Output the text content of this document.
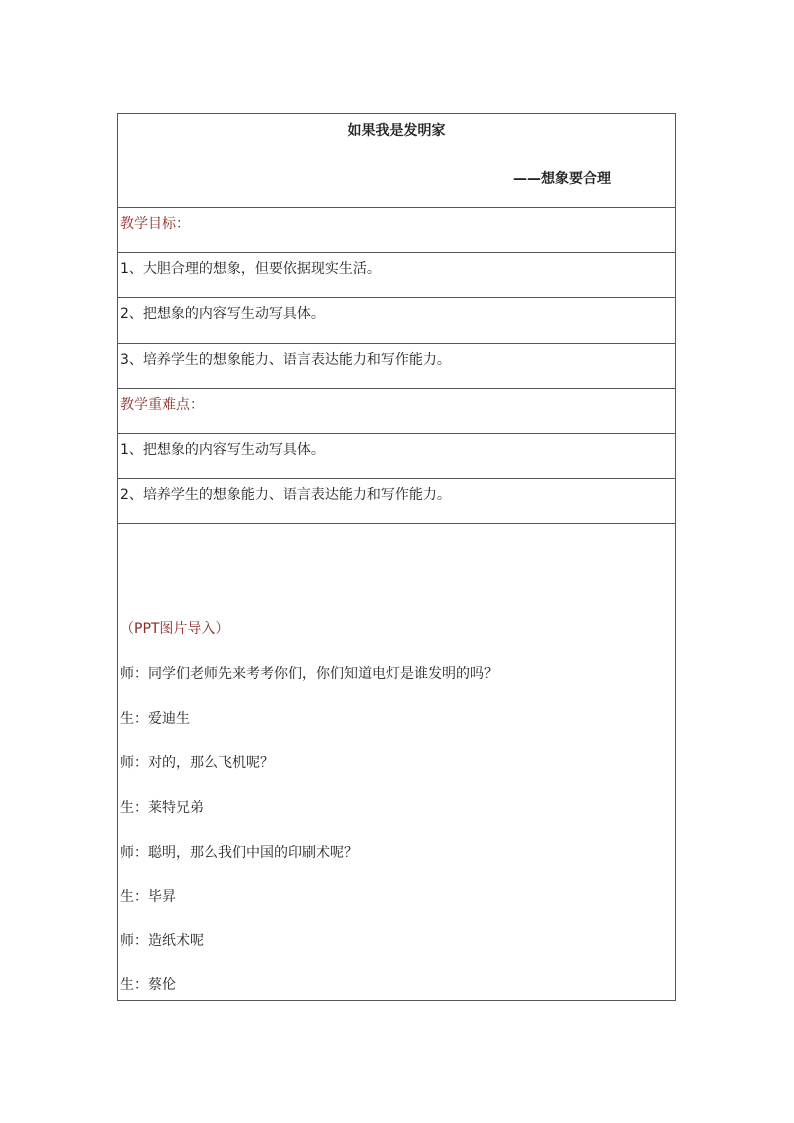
如果我是发明家
——想象要合理
教学目标：
1、大胆合理的想象，但要依据现实生活。
2、把想象的内容写生动写具体。
3、培养学生的想象能力、语言表达能力和写作能力。
教学重难点：
1、把想象的内容写生动写具体。
2、培养学生的想象能力、语言表达能力和写作能力。
（PPT图片导入）
师：同学们老师先来考考你们，你们知道电灯是谁发明的吗？
生：爱迪生
师：对的，那么飞机呢？
生：莱特兄弟
师：聪明，那么我们中国的印刷术呢？
生：毕昇
师：造纸术呢
生：蔡伦
